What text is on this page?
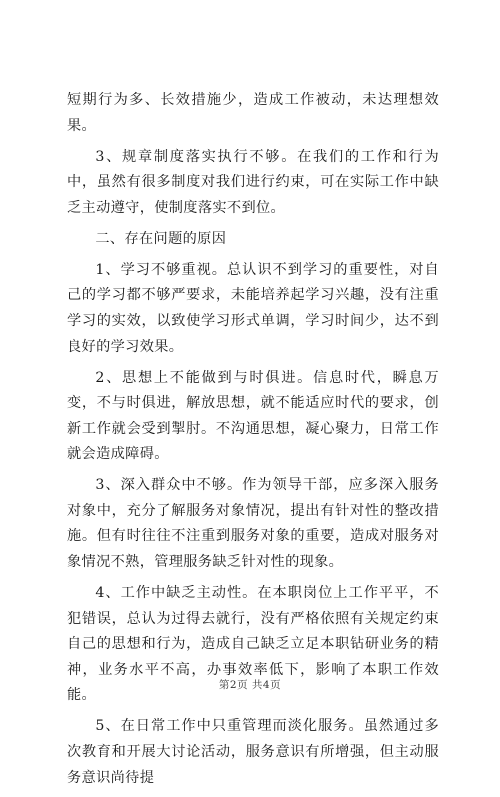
短期行为多、长效措施少，造成工作被动，未达理想效果。

3、规章制度落实执行不够。在我们的工作和行为中，虽然有很多制度对我们进行约束，可在实际工作中缺乏主动遵守，使制度落实不到位。

二、存在问题的原因

1、学习不够重视。总认识不到学习的重要性，对自己的学习都不够严要求，未能培养起学习兴趣，没有注重学习的实效，以致使学习形式单调，学习时间少，达不到良好的学习效果。

2、思想上不能做到与时俱进。信息时代，瞬息万变，不与时俱进，解放思想，就不能适应时代的要求，创新工作就会受到掣肘。不沟通思想，凝心聚力，日常工作就会造成障碍。

3、深入群众中不够。作为领导干部，应多深入服务对象中，充分了解服务对象情况，提出有针对性的整改措施。但有时往往不注重到服务对象的重要，造成对服务对象情况不熟，管理服务缺乏针对性的现象。

4、工作中缺乏主动性。在本职岗位上工作平平，不犯错误，总认为过得去就行，没有严格依照有关规定约束自己的思想和行为，造成自己缺乏立足本职钻研业务的精神，业务水平不高，办事效率低下，影响了本职工作效能。

5、在日常工作中只重管理而淡化服务。虽然通过多次教育和开展大讨论活动，服务意识有所增强，但主动服务意识尚待提

第2页 共4页
